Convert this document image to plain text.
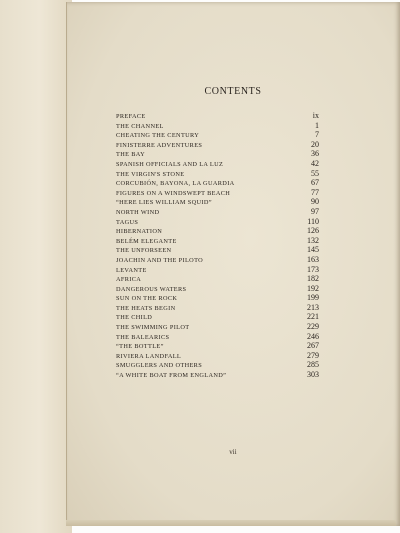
CONTENTS
PREFACE	ix
THE CHANNEL	1
CHEATING THE CENTURY	7
FINISTERRE ADVENTURES	20
THE BAY	36
SPANISH OFFICIALS AND LA LUZ	42
THE VIRGIN'S STONE	55
CORCUBIÓN, BAYONA, LA GUARDIA	67
FIGURES ON A WINDSWEPT BEACH	77
“HERE LIES WILLIAM SQUID”	90
NORTH WIND	97
TAGUS	110
HIBERNATION	126
BELÉM ELEGANTE	132
THE UNFORSEEN	145
JOACHIN AND THE PILOTO	163
LEVANTE	173
AFRICA	182
DANGEROUS WATERS	192
SUN ON THE ROCK	199
THE HEATS BEGIN	213
THE CHILD	221
THE SWIMMING PILOT	229
THE BALEARICS	246
“THE BOTTLE”	267
RIVIERA LANDFALL	279
SMUGGLERS AND OTHERS	285
“A WHITE BOAT FROM ENGLAND”	303
vii
